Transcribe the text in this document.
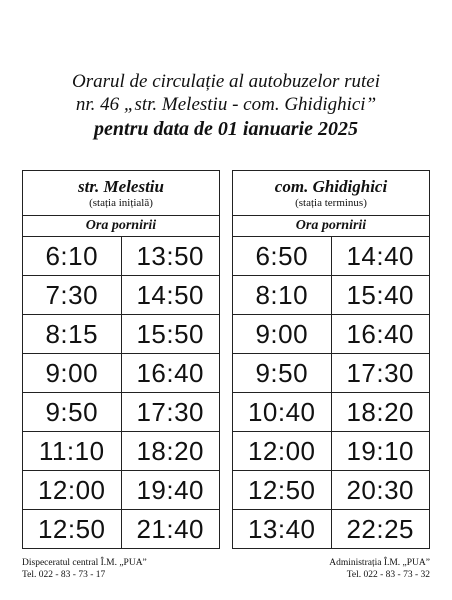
Orarul de circulație al autobuzelor rutei
nr. 46 „str. Melestiu - com. Ghidighici”
pentru data de 01 ianuarie 2025
str. Melestiu
(stația inițială)	

Ora pornirii	
6:10	13:50
7:30	14:50
8:15	15:50
9:00	16:40
9:50	17:30
11:10	18:20
12:00	19:40
12:50	21:40
com. Ghidighici
(stația terminus)	

Ora pornirii	
6:50	14:40
8:10	15:40
9:00	16:40
9:50	17:30
10:40	18:20
12:00	19:10
12:50	20:30
13:40	22:25
Dispeceratul central Î.M. „PUA”
Tel. 022 - 83 - 73 - 17
Administrația Î.M. „PUA”
Tel. 022 - 83 - 73 - 32
